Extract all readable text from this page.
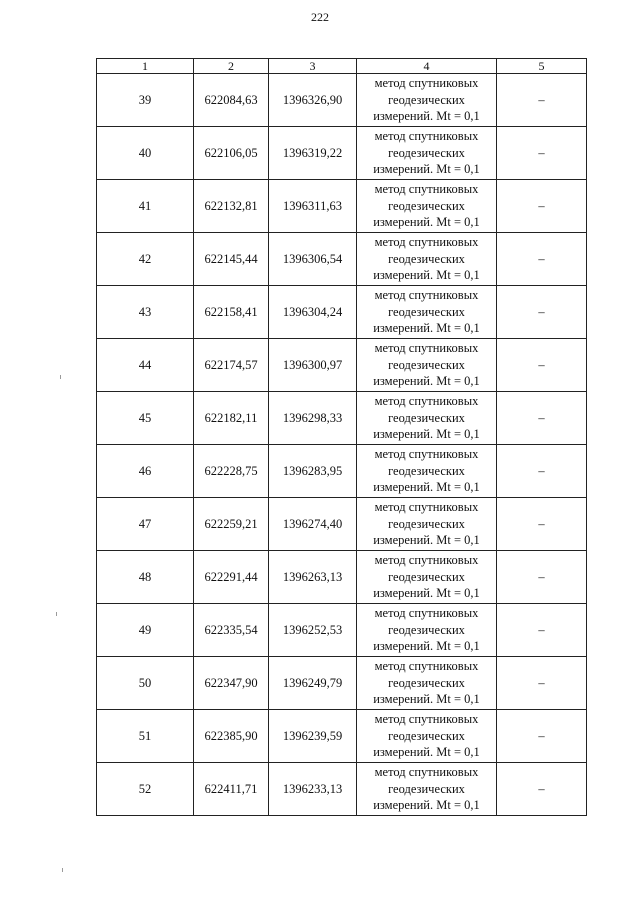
222
1	2	3	4	5
39	622084,63	1396326,90	метод спутниковых
геодезических
измерений. Mt = 0,1	–
40	622106,05	1396319,22	метод спутниковых
геодезических
измерений. Mt = 0,1	–
41	622132,81	1396311,63	метод спутниковых
геодезических
измерений. Mt = 0,1	–
42	622145,44	1396306,54	метод спутниковых
геодезических
измерений. Mt = 0,1	–
43	622158,41	1396304,24	метод спутниковых
геодезических
измерений. Mt = 0,1	–
44	622174,57	1396300,97	метод спутниковых
геодезических
измерений. Mt = 0,1	–
45	622182,11	1396298,33	метод спутниковых
геодезических
измерений. Mt = 0,1	–
46	622228,75	1396283,95	метод спутниковых
геодезических
измерений. Mt = 0,1	–
47	622259,21	1396274,40	метод спутниковых
геодезических
измерений. Mt = 0,1	–
48	622291,44	1396263,13	метод спутниковых
геодезических
измерений. Mt = 0,1	–
49	622335,54	1396252,53	метод спутниковых
геодезических
измерений. Mt = 0,1	–
50	622347,90	1396249,79	метод спутниковых
геодезических
измерений. Mt = 0,1	–
51	622385,90	1396239,59	метод спутниковых
геодезических
измерений. Mt = 0,1	–
52	622411,71	1396233,13	метод спутниковых
геодезических
измерений. Mt = 0,1	–
